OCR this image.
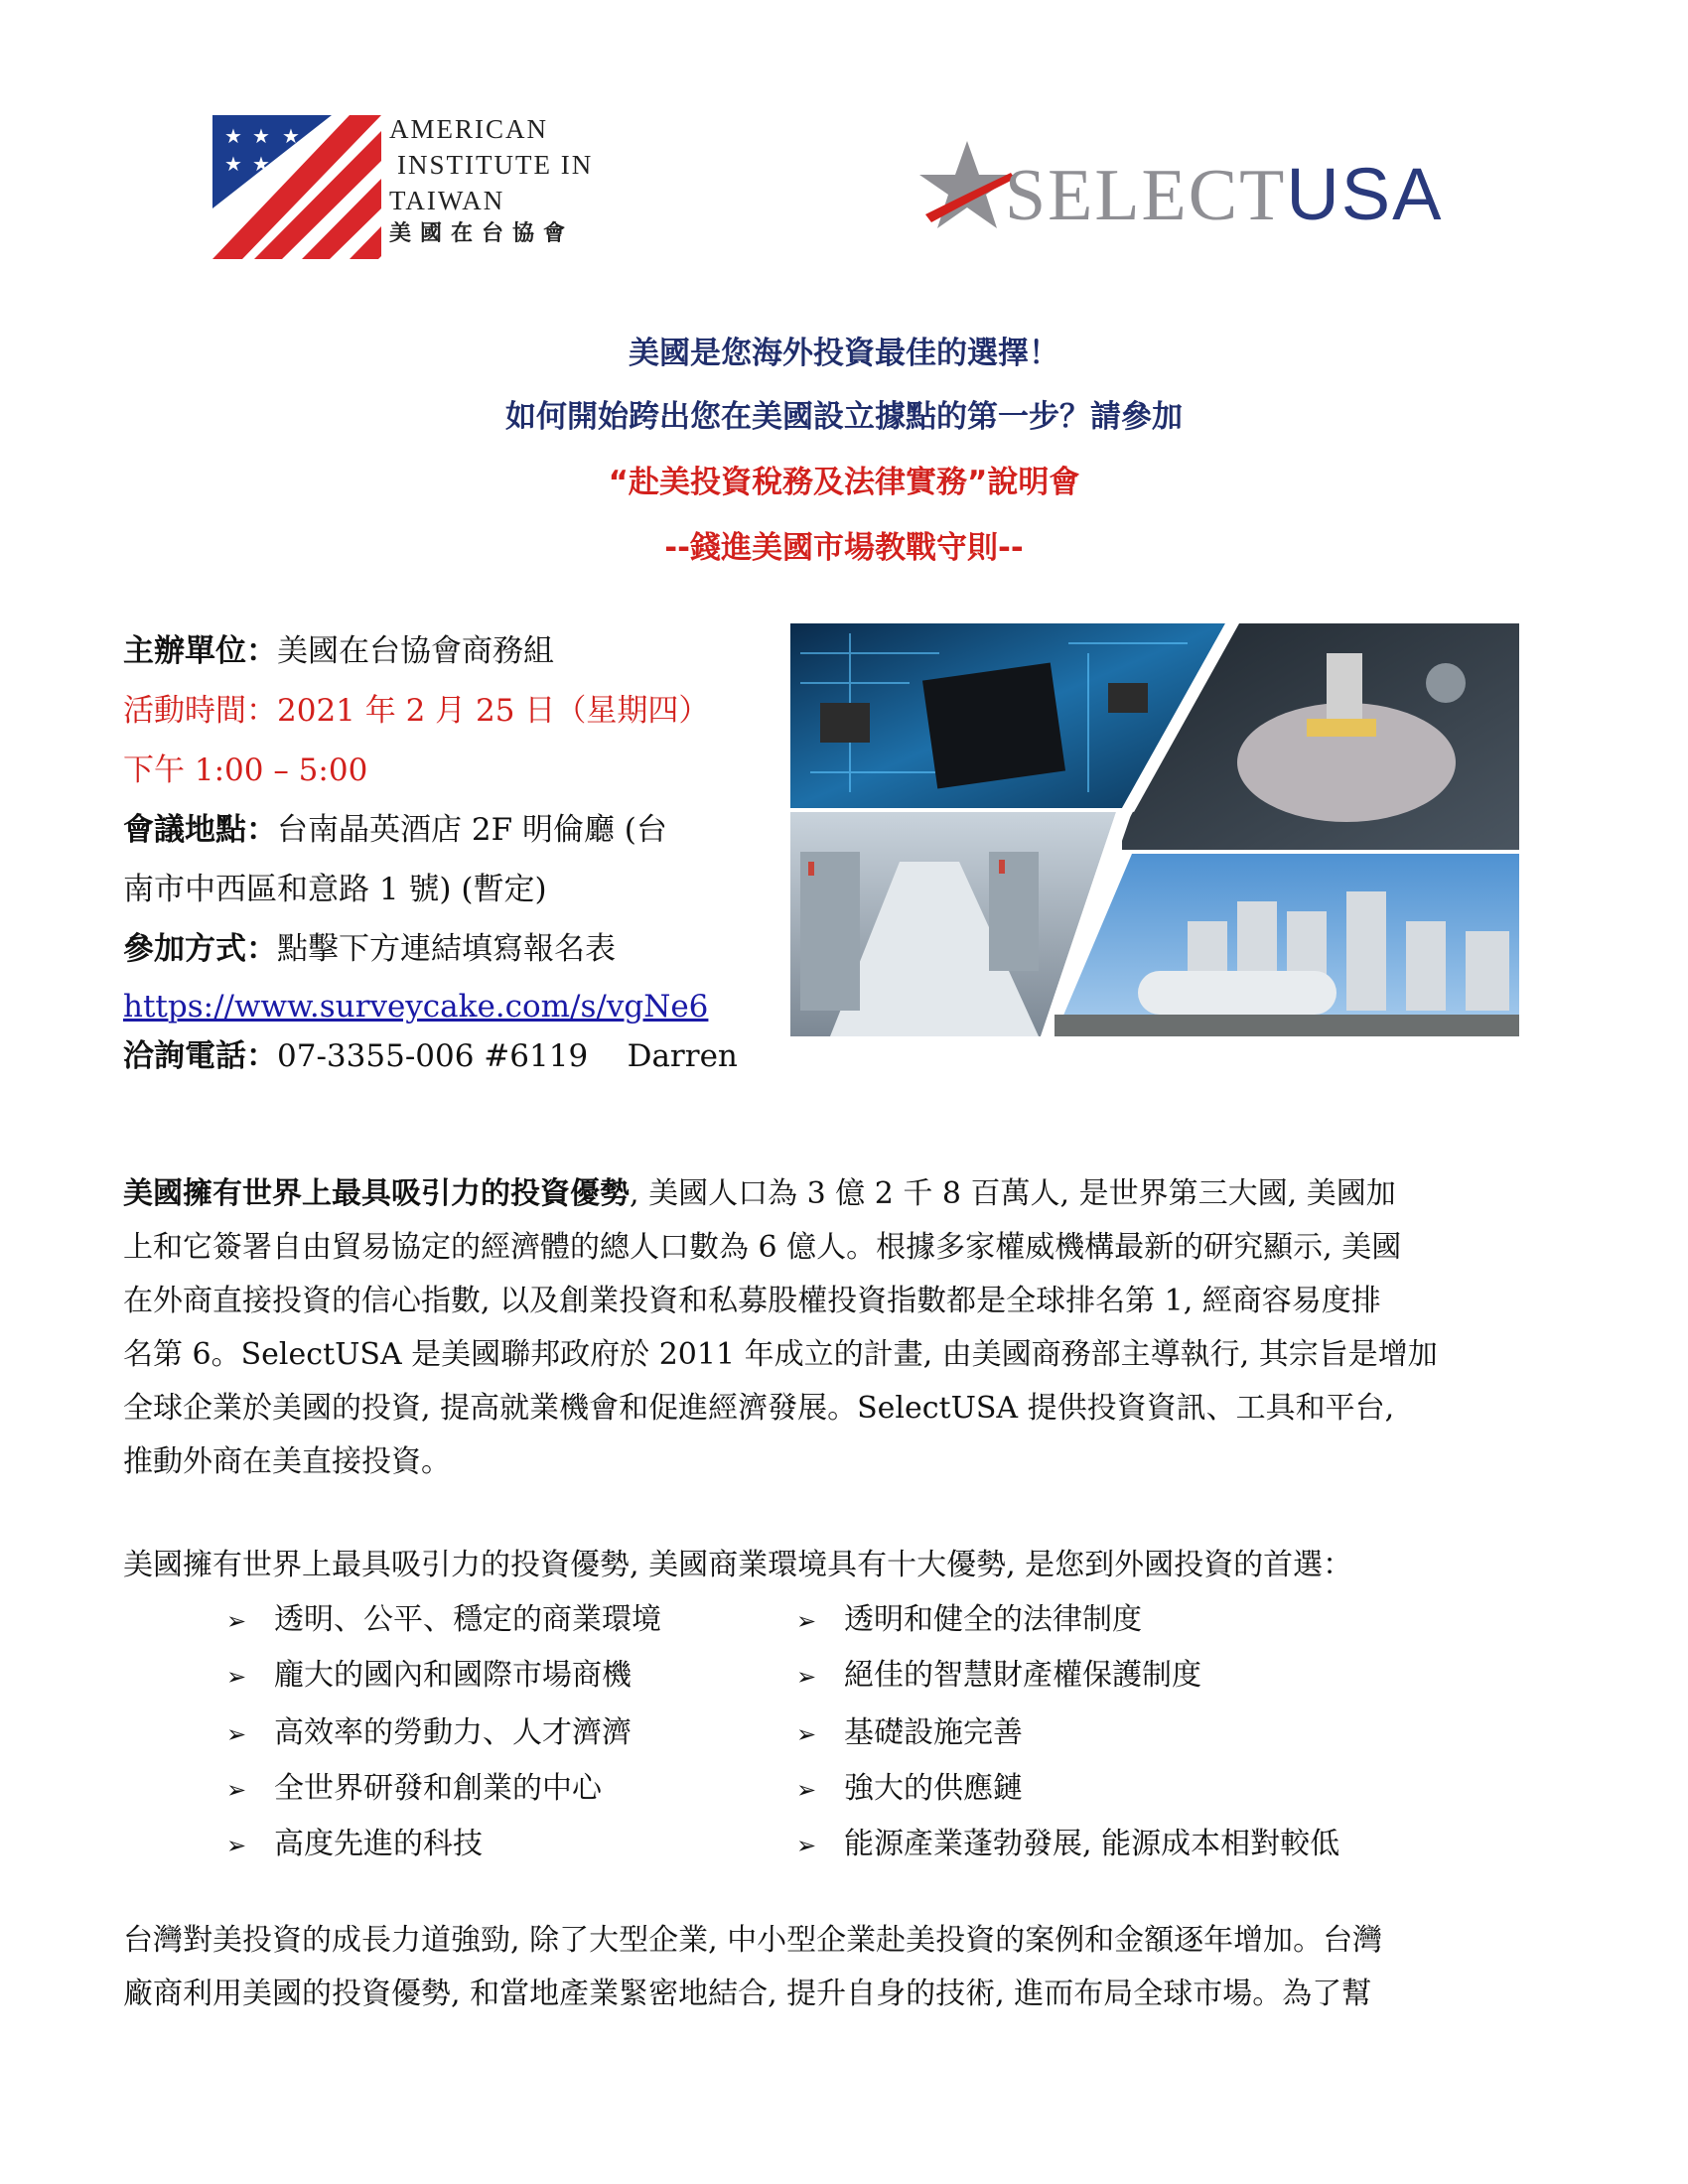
★ ★ ★
★ ★
AMERICAN
INSTITUTE IN
TAIWAN
美國在台協會	SELECTUSA
美國是您海外投資最佳的選擇！
如何開始跨出您在美國設立據點的第一步？請參加
“赴美投資稅務及法律實務”說明會
--錢進美國市場教戰守則--
主辦單位：美國在台協會商務組
活動時間：2021 年 2 月 25 日（星期四）
下午 1:00 – 5:00
會議地點：台南晶英酒店 2F 明倫廳 (台
南市中西區和意路 1 號) (暫定)
參加方式：點擊下方連結填寫報名表
https://www.surveycake.com/s/vgNe6
洽詢電話：07-3355-006 #6119    Darren
美國擁有世界上最具吸引力的投資優勢, 美國人口為 3 億 2 千 8 百萬人, 是世界第三大國, 美國加
上和它簽署自由貿易協定的經濟體的總人口數為 6 億人。根據多家權威機構最新的研究顯示, 美國
在外商直接投資的信心指數, 以及創業投資和私募股權投資指數都是全球排名第 1, 經商容易度排
名第 6。SelectUSA 是美國聯邦政府於 2011 年成立的計畫, 由美國商務部主導執行, 其宗旨是增加
全球企業於美國的投資, 提高就業機會和促進經濟發展。SelectUSA 提供投資資訊、工具和平台,
推動外商在美直接投資。
美國擁有世界上最具吸引力的投資優勢, 美國商業環境具有十大優勢, 是您到外國投資的首選：
➢ 透明、公平、穩定的商業環境
➢ 龐大的國內和國際市場商機
➢ 高效率的勞動力、人才濟濟
➢ 全世界研發和創業的中心
➢ 高度先進的科技
➢ 透明和健全的法律制度
➢ 絕佳的智慧財產權保護制度
➢ 基礎設施完善
➢ 強大的供應鏈
➢ 能源產業蓬勃發展, 能源成本相對較低
台灣對美投資的成長力道強勁, 除了大型企業, 中小型企業赴美投資的案例和金額逐年增加。台灣
廠商利用美國的投資優勢, 和當地產業緊密地結合, 提升自身的技術, 進而布局全球市場。為了幫
